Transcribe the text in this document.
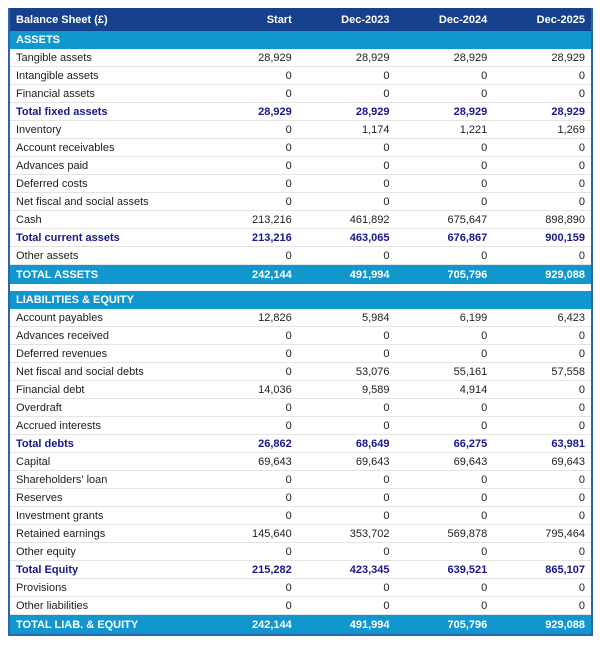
Balance Sheet (£)	Start	Dec-2023	Dec-2024	Dec-2025
ASSETS
Tangible assets	28,929	28,929	28,929	28,929
Intangible assets	0	0	0	0
Financial assets	0	0	0	0
Total fixed assets	28,929	28,929	28,929	28,929
Inventory	0	1,174	1,221	1,269
Account receivables	0	0	0	0
Advances paid	0	0	0	0
Deferred costs	0	0	0	0
Net fiscal and social assets	0	0	0	0
Cash	213,216	461,892	675,647	898,890
Total current assets	213,216	463,065	676,867	900,159
Other assets	0	0	0	0
TOTAL ASSETS	242,144	491,994	705,796	929,088
LIABILITIES & EQUITY
Account payables	12,826	5,984	6,199	6,423
Advances received	0	0	0	0
Deferred revenues	0	0	0	0
Net fiscal and social debts	0	53,076	55,161	57,558
Financial debt	14,036	9,589	4,914	0
Overdraft	0	0	0	0
Accrued interests	0	0	0	0
Total debts	26,862	68,649	66,275	63,981
Capital	69,643	69,643	69,643	69,643
Shareholders' loan	0	0	0	0
Reserves	0	0	0	0
Investment grants	0	0	0	0
Retained earnings	145,640	353,702	569,878	795,464
Other equity	0	0	0	0
Total Equity	215,282	423,345	639,521	865,107
Provisions	0	0	0	0
Other liabilities	0	0	0	0
TOTAL LIAB. & EQUITY	242,144	491,994	705,796	929,088
